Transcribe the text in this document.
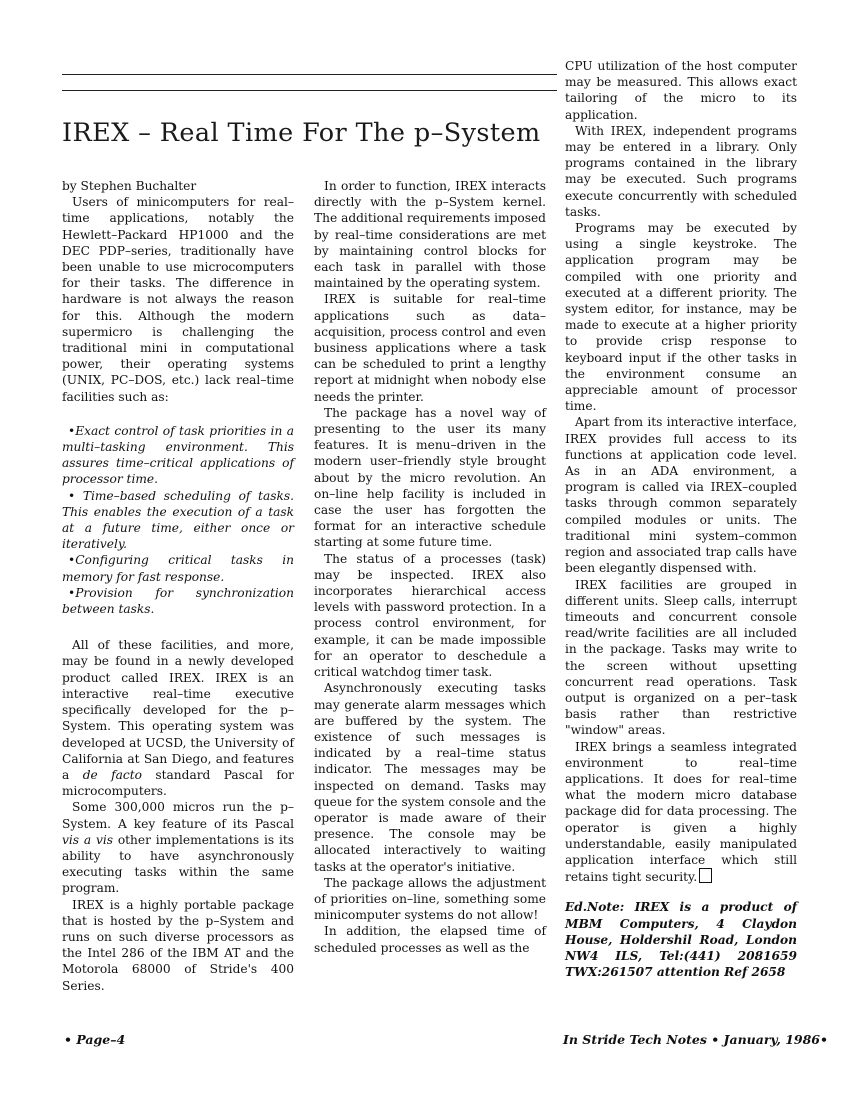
IREX – Real Time For The p–System

by Stephen Buchalter

Users of minicomputers for real–time applications, notably the Hewlett–Packard HP1000 and the DEC PDP–series, traditionally have been unable to use microcomputers for their tasks. The difference in hardware is not always the reason for this. Although the modern supermicro is challenging the traditional mini in computational power, their operating systems (UNIX, PC–DOS, etc.) lack real–time facilities such as:

•Exact control of task priorities in a multi–tasking environment. This assures time–critical applications of processor time.

• Time–based scheduling of tasks. This enables the execution of a task at a future time, either once or iteratively.

•Configuring critical tasks in memory for fast response.

•Provision for synchronization between tasks.

All of these facilities, and more, may be found in a newly developed product called IREX. IREX is an interactive real–time executive specifically developed for the p–System. This operating system was developed at UCSD, the University of California at San Diego, and features a de facto standard Pascal for microcomputers.

Some 300,000 micros run the p–System. A key feature of its Pascal vis a vis other implementations is its ability to have asynchronously executing tasks within the same program.

IREX is a highly portable package that is hosted by the p–System and runs on such diverse processors as the Intel 286 of the IBM AT and the Motorola 68000 of Stride's 400 Series.

In order to function, IREX interacts directly with the p–System kernel. The additional requirements imposed by real–time considerations are met by maintaining control blocks for each task in parallel with those maintained by the operating system.

IREX is suitable for real–time applications such as data–acquisition, process control and even business applications where a task can be scheduled to print a lengthy report at midnight when nobody else needs the printer.

The package has a novel way of presenting to the user its many features. It is menu–driven in the modern user–friendly style brought about by the micro revolution. An on–line help facility is included in case the user has forgotten the format for an interactive schedule starting at some future time.

The status of a processes (task) may be inspected. IREX also incorporates hierarchical access levels with password protection. In a process control environment, for example, it can be made impossible for an operator to deschedule a critical watchdog timer task.

Asynchronously executing tasks may generate alarm messages which are buffered by the system. The existence of such messages is indicated by a real–time status indicator. The messages may be inspected on demand. Tasks may queue for the system console and the operator is made aware of their presence. The console may be allocated interactively to waiting tasks at the operator's initiative.

The package allows the adjustment of priorities on–line, something some minicomputer systems do not allow!

In addition, the elapsed time of scheduled processes as well as the

CPU utilization of the host computer may be measured. This allows exact tailoring of the micro to its application.

With IREX, independent programs may be entered in a library. Only programs contained in the library may be executed. Such programs execute concurrently with scheduled tasks.

Programs may be executed by using a single keystroke. The application program may be compiled with one priority and executed at a different priority. The system editor, for instance, may be made to execute at a higher priority to provide crisp response to keyboard input if the other tasks in the environment consume an appreciable amount of processor time.

Apart from its interactive interface, IREX provides full access to its functions at application code level. As in an ADA environment, a program is called via IREX–coupled tasks through common separately compiled modules or units. The traditional mini system–common region and associated trap calls have been elegantly dispensed with.

IREX facilities are grouped in different units. Sleep calls, interrupt timeouts and concurrent console read/write facilities are all included in the package. Tasks may write to the screen without upsetting concurrent read operations. Task output is organized on a per–task basis rather than restrictive "window" areas.

IREX brings a seamless integrated environment to real–time applications. It does for real–time what the modern micro database package did for data processing. The operator is given a highly understandable, easily manipulated application interface which still retains tight security.

Ed.Note: IREX is a product of MBM Computers, 4 Claydon House, Holdershil Road, London NW4 ILS, Tel:(441) 2081659 TWX:261507 attention Ref 2658
• Page–4	In Stride Tech Notes • January, 1986•
